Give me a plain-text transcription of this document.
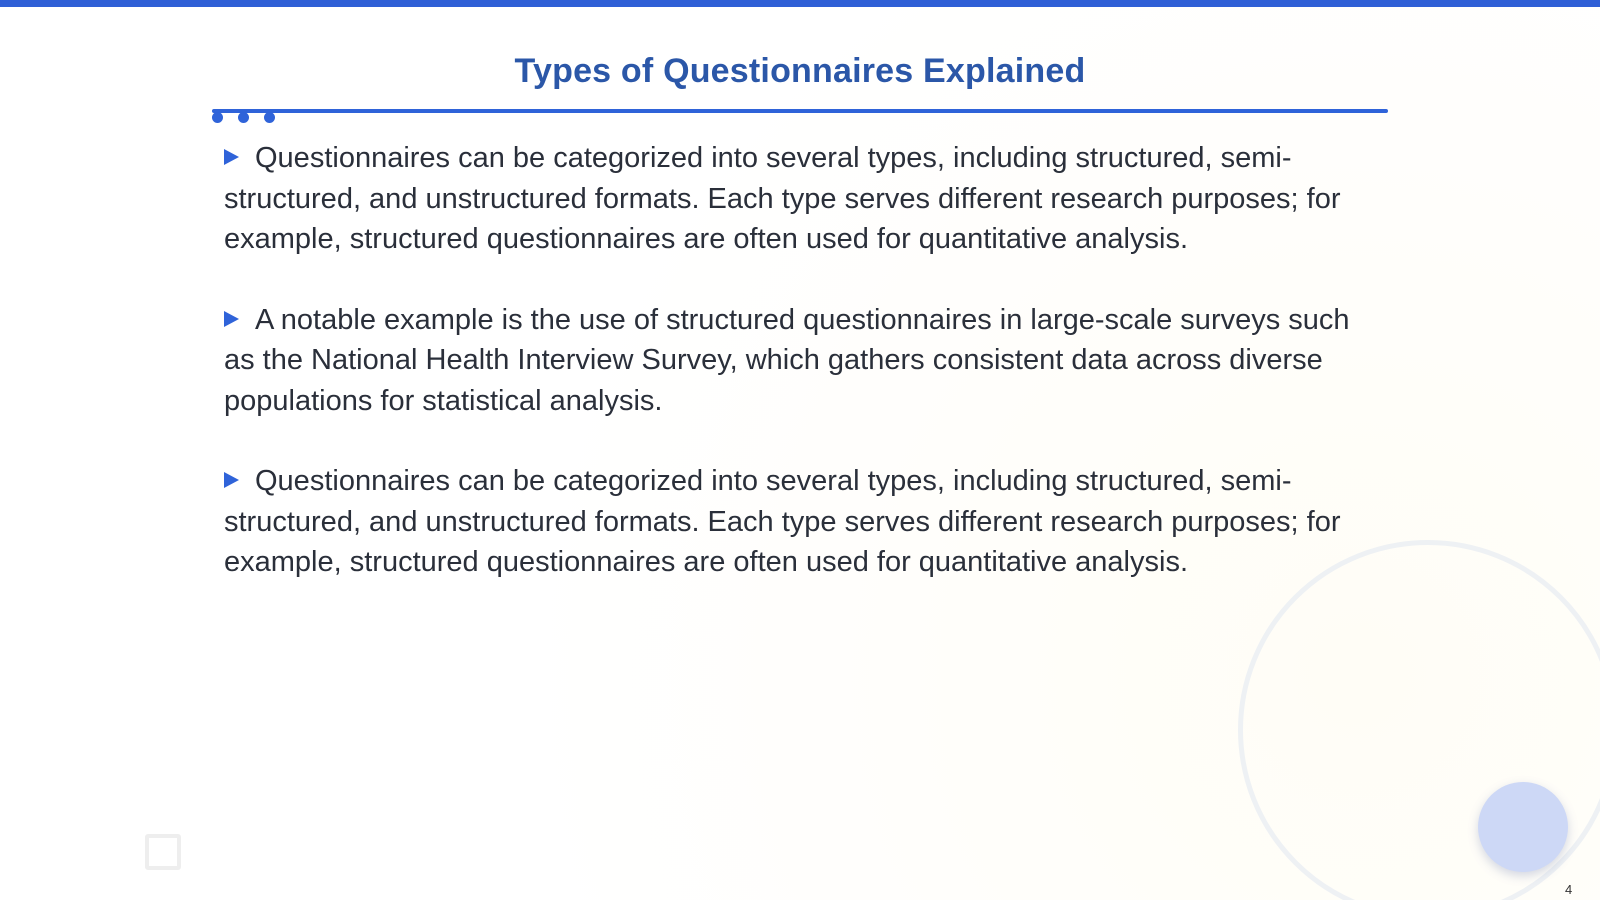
Types of Questionnaires Explained

Questionnaires can be categorized into several types, including structured, semi-structured, and unstructured formats. Each type serves different research purposes; for example, structured questionnaires are often used for quantitative analysis.

A notable example is the use of structured questionnaires in large-scale surveys such as the National Health Interview Survey, which gathers consistent data across diverse populations for statistical analysis.

Questionnaires can be categorized into several types, including structured, semi-structured, and unstructured formats. Each type serves different research purposes; for example, structured questionnaires are often used for quantitative analysis.

4
